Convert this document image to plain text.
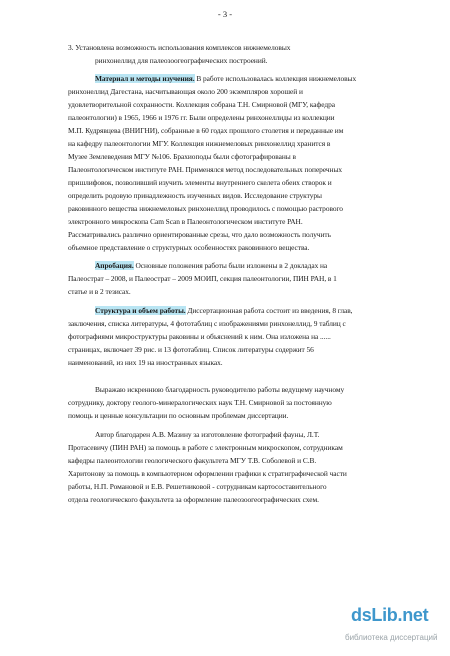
- 3 -
3. Установлена возможность использования комплексов нижнемеловых
ринхонеллид для палеозоогеографических построений.
Материал и методы изучения. В работе использовалась коллекция нижнемеловых
ринхонеллид Дагестана, насчитывающая около 200 экземпляров хорошей и
удовлетворительной сохранности. Коллекция собрана Т.Н. Смирновой (МГУ, кафедра
палеонтологии) в 1965, 1966 и 1976 гг. Были определены ринхонеллиды из коллекции
М.П. Кудрявцева (ВНИГНИ), собранные в 60 годах прошлого столетия и переданные им
на кафедру палеонтологии МГУ. Коллекция нижнемеловых ринхонеллид хранится в
Музее Землеведения МГУ №106. Брахиоподы были сфотографированы в
Палеонтологическом институте РАН. Применялся метод последовательных поперечных
пришлифовок, позволивший изучить элементы внутреннего скелета обеих створок и
определить родовую принадлежность изученных видов. Исследование структуры
раковинного вещества нижнемеловых ринхонеллид проводилось с помощью растрового
электронного микроскопа Cam Scan в Палеонтологическом институте РАН.
Рассматривались различно ориентированные срезы, что дало возможность получить
объемное представление о структурных особенностях раковинного вещества.
Апробация. Основные положения работы были изложены в 2 докладах на
Палеострат – 2008, и Палеострат – 2009 МОИП, секция палеонтологии, ПИН РАН, в 1
статье и в 2 тезисах.
Структура и объем работы. Диссертационная работа состоит из введения, 8 глав,
заключения, списка литературы, 4 фототаблиц с изображениями ринхонеллид, 9 таблиц с
фотографиями микроструктуры раковины и объяснений к ним. Она изложена на ......
страницах, включает 39 рис. и 13 фототаблиц. Список литературы содержит 56
наименований, из них 19 на иностранных языках.
Выражаю искреннюю благодарность руководителю работы ведущему научному
сотруднику, доктору геолого-минералогических наук Т.Н. Смирновой за постоянную
помощь и ценные консультации по основным проблемам диссертации.
Автор благодарен А.В. Мазину за изготовление фотографий фауны, Л.Т.
Протасевичу (ПИН РАН) за помощь в работе с электронным микроскопом, сотрудникам
кафедры палеонтологии геологического факультета МГУ Т.В. Соболевой и С.В.
Харитонову за помощь в компьютерном оформлении графики к стратиграфической части
работы, Н.П. Романовой и Е.В. Решетниковой - сотрудникам картосоставительного
отдела геологического факультета за оформление палеозоогеографических схем.
dsLib.net
библиотека диссертаций
